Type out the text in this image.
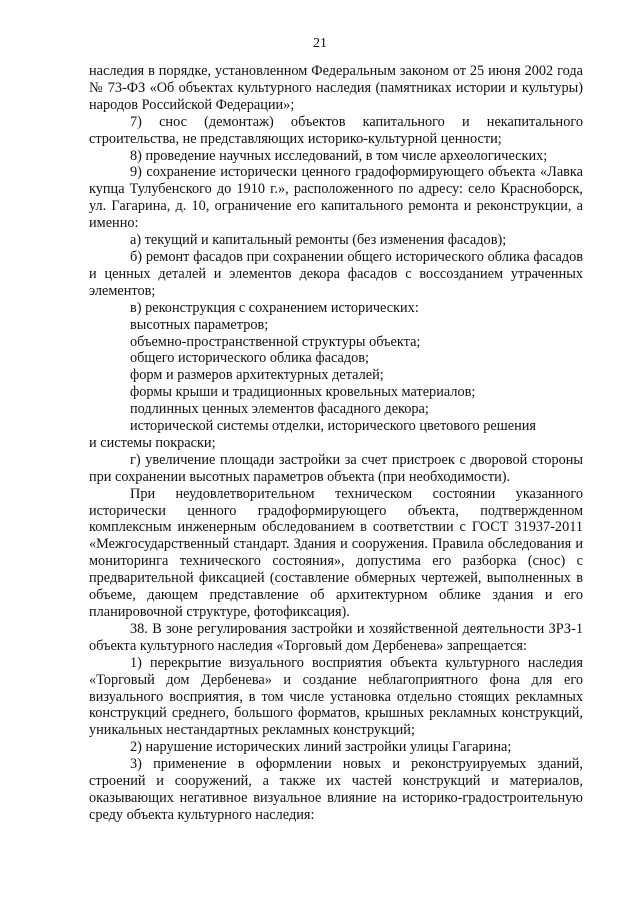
21

наследия в порядке, установленном Федеральным законом от 25 июня 2002 года № 73-ФЗ «Об объектах культурного наследия (памятниках истории и культуры) народов Российской Федерации»;

7) снос (демонтаж) объектов капитального и некапитального строительства, не представляющих историко-культурной ценности;

8) проведение научных исследований, в том числе археологических;

9) сохранение исторически ценного градоформирующего объекта «Лавка купца Тулубенского до 1910 г.», расположенного по адресу: село Красноборск, ул. Гагарина, д. 10, ограничение его капитального ремонта и реконструкции, а именно:

а) текущий и капитальный ремонты (без изменения фасадов);

б) ремонт фасадов при сохранении общего исторического облика фасадов и ценных деталей и элементов декора фасадов с воссозданием утраченных элементов;

в) реконструкция с сохранением исторических:

высотных параметров;

объемно-пространственной структуры объекта;

общего исторического облика фасадов;

форм и размеров архитектурных деталей;

формы крыши и традиционных кровельных материалов;

подлинных ценных элементов фасадного декора;

исторической системы отделки, исторического цветового решения

и системы покраски;

г) увеличение площади застройки за счет пристроек с дворовой стороны при сохранении высотных параметров объекта (при необходимости).

При неудовлетворительном техническом состоянии указанного исторически ценного градоформирующего объекта, подтвержденном комплексным инженерным обследованием в соответствии с ГОСТ 31937-2011 «Межгосударственный стандарт. Здания и сооружения. Правила обследования и мониторинга технического состояния», допустима его разборка (снос) с предварительной фиксацией (составление обмерных чертежей, выполненных в объеме, дающем представление об архитектурном облике здания и его планировочной структуре, фотофиксация).

38. В зоне регулирования застройки и хозяйственной деятельности ЗРЗ-1 объекта культурного наследия «Торговый дом Дербенева» запрещается:

1) перекрытие визуального восприятия объекта культурного наследия «Торговый дом Дербенева» и создание неблагоприятного фона для его визуального восприятия, в том числе установка отдельно стоящих рекламных конструкций среднего, большого форматов, крышных рекламных конструкций, уникальных нестандартных рекламных конструкций;

2) нарушение исторических линий застройки улицы Гагарина;

3) применение в оформлении новых и реконструируемых зданий, строений и сооружений, а также их частей конструкций и материалов, оказывающих негативное визуальное влияние на историко-градостроительную среду объекта культурного наследия:
